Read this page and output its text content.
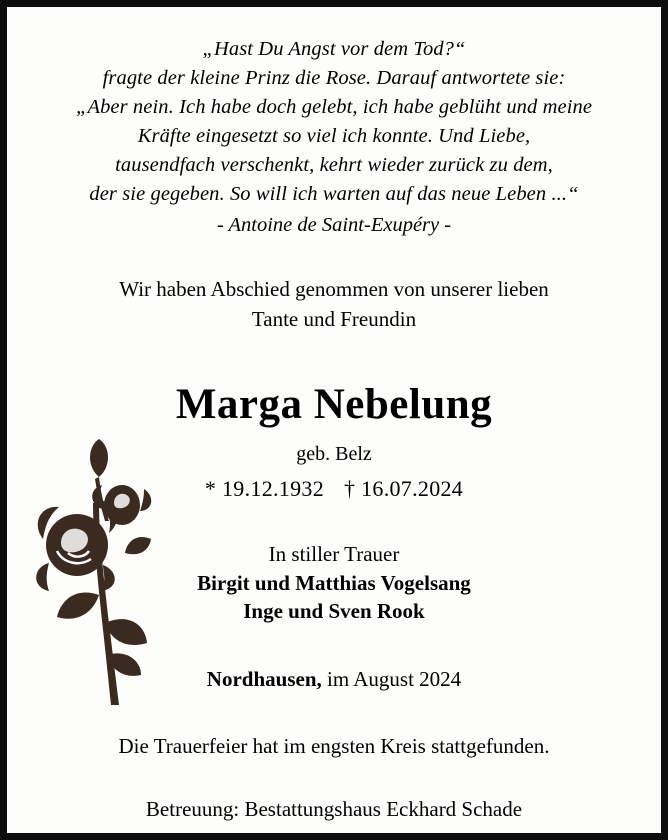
„Hast Du Angst vor dem Tod?“
fragte der kleine Prinz die Rose. Darauf antwortete sie:
„Aber nein. Ich habe doch gelebt, ich habe geblüht und meine
Kräfte eingesetzt so viel ich konnte. Und Liebe,
tausendfach verschenkt, kehrt wieder zurück zu dem,
der sie gegeben. So will ich warten auf das neue Leben ...“
- Antoine de Saint-Exupéry -
Wir haben Abschied genommen von unserer lieben
Tante und Freundin
Marga Nebelung
geb. Belz
* 19.12.1932 † 16.07.2024
In stiller Trauer
Birgit und Matthias Vogelsang
Inge und Sven Rook
Nordhausen, im August 2024
Die Trauerfeier hat im engsten Kreis stattgefunden.
Betreuung: Bestattungshaus Eckhard Schade
